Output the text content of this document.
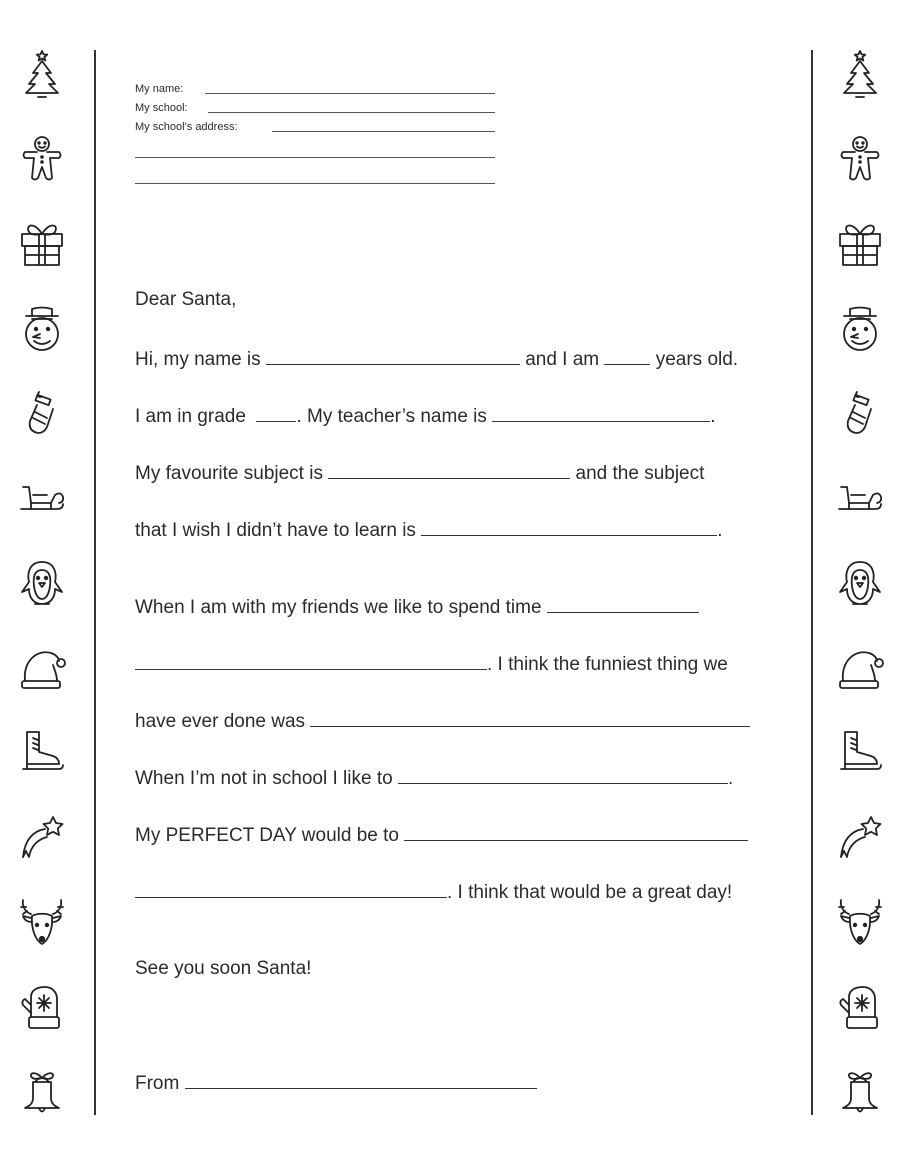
My name:
My school:
My school’s address:
Dear Santa,
Hi, my name is	and I am	years old.
I am in grade	. My teacher’s name is	.
My favourite subject is	and the subject
that I wish I didn’t have to learn is	.
When I am with my friends we like to spend time
. I think the funniest thing we
have ever done was
When I’m not in school I like to	.
My PERFECT DAY would be to
. I think that would be a great day!
See you soon Santa!
From
